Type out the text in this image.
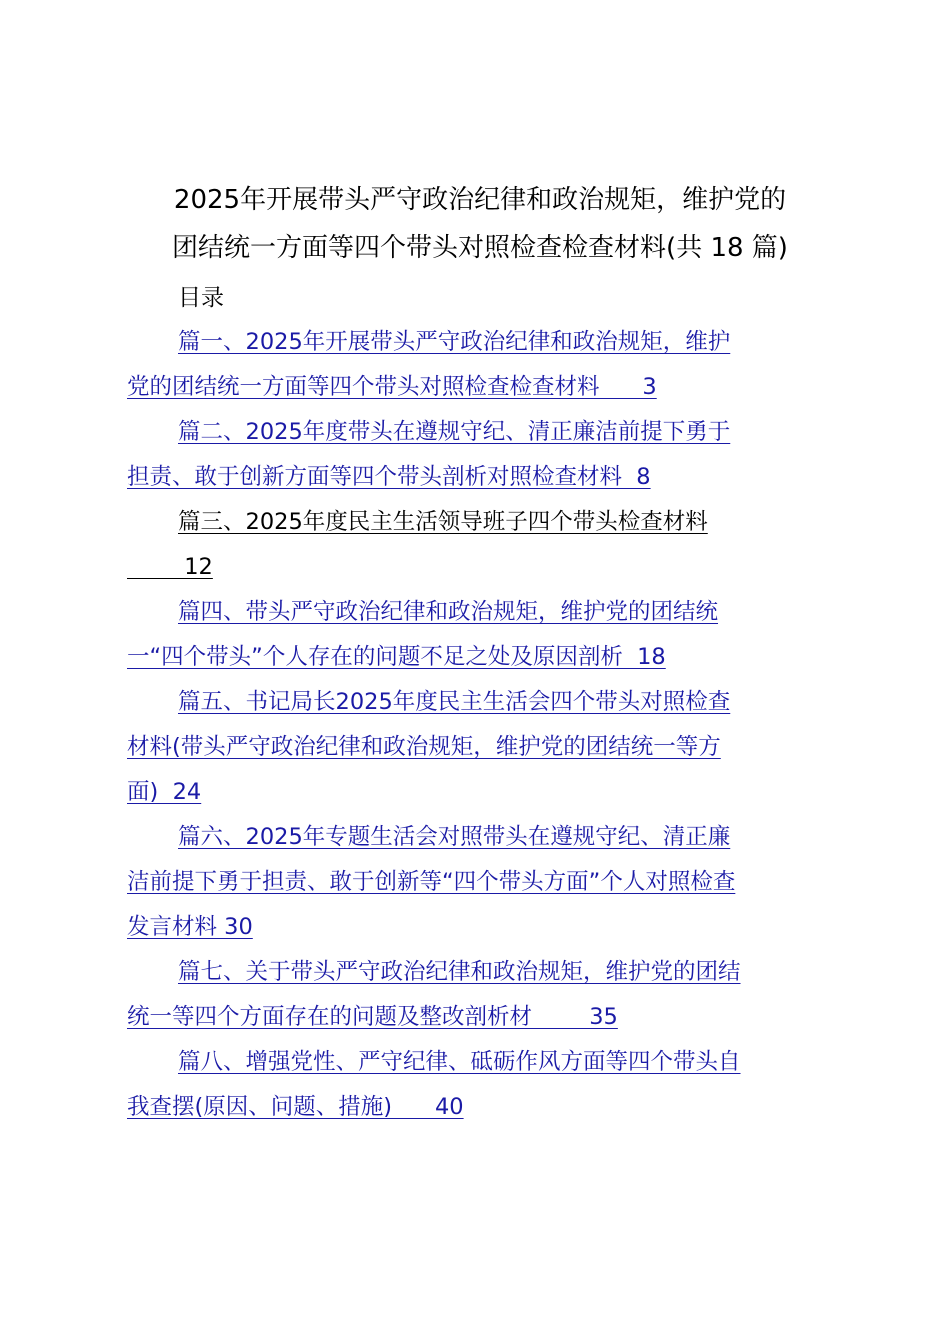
2025年开展带头严守政治纪律和政治规矩，维护党的
团结统一方面等四个带头对照检查检查材料(共 18 篇)
目录
篇一、2025年开展带头严守政治纪律和政治规矩，维护
党的团结统一方面等四个带头对照检查检查材料      3
篇二、2025年度带头在遵规守纪、清正廉洁前提下勇于
担责、敢于创新方面等四个带头剖析对照检查材料  8
篇三、2025年度民主生活领导班子四个带头检查材料
12
篇四、带头严守政治纪律和政治规矩，维护党的团结统
一“四个带头”个人存在的问题不足之处及原因剖析  18
篇五、书记局长2025年度民主生活会四个带头对照检查
材料(带头严守政治纪律和政治规矩，维护党的团结统一等方
面)  24
篇六、2025年专题生活会对照带头在遵规守纪、清正廉
洁前提下勇于担责、敢于创新等“四个带头方面”个人对照检查
发言材料 30
篇七、关于带头严守政治纪律和政治规矩，维护党的团结
统一等四个方面存在的问题及整改剖析材        35
篇八、增强党性、严守纪律、砥砺作风方面等四个带头自
我查摆(原因、问题、措施)      40
